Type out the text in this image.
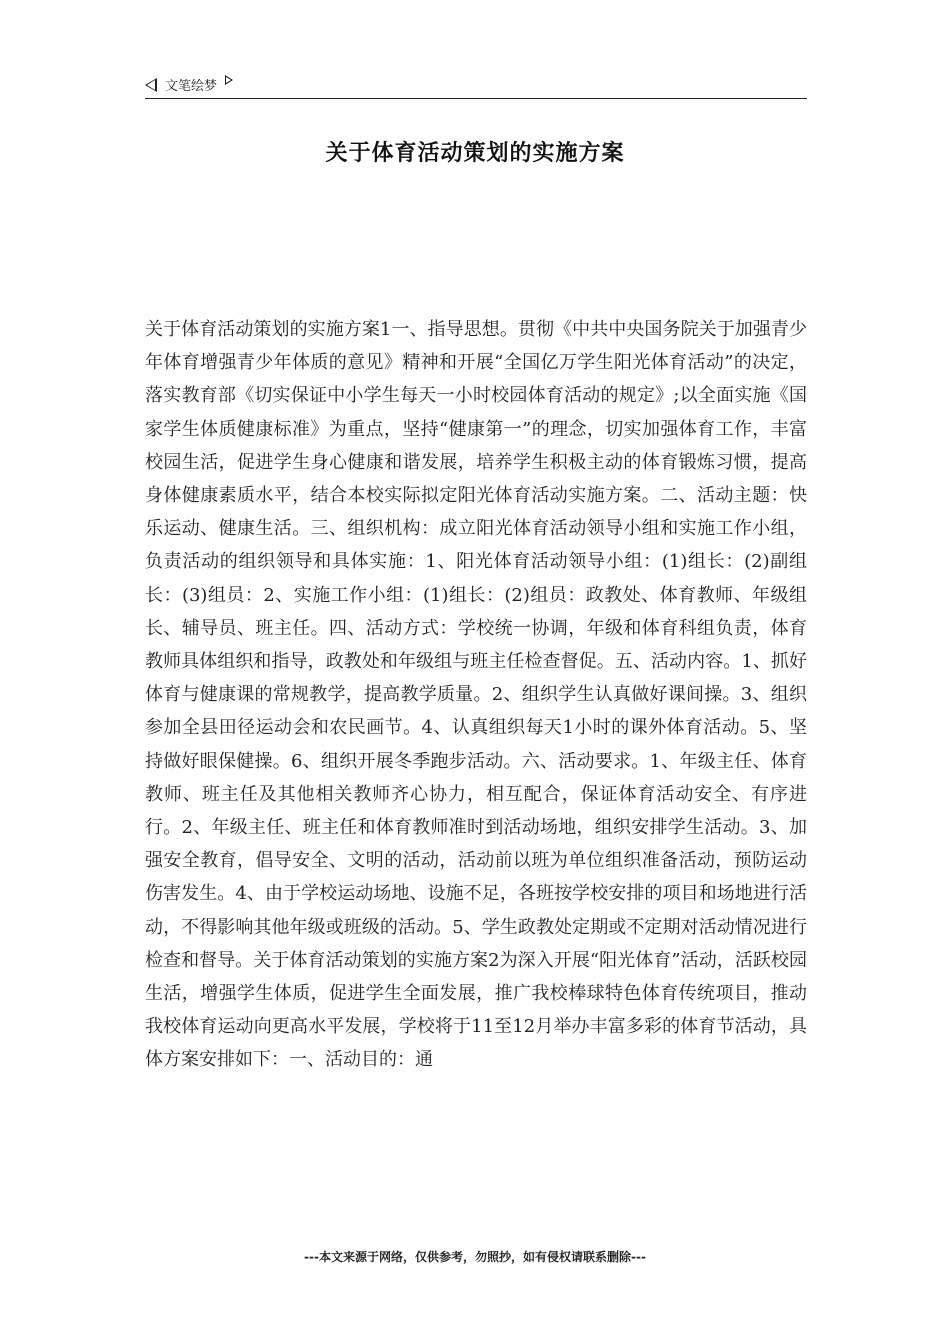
文笔绘梦
关于体育活动策划的实施方案
关于体育活动策划的实施方案1一、指导思想。贯彻《中共中央国务院关于加强青少年体育增强青少年体质的意见》精神和开展“全国亿万学生阳光体育活动”的决定，落实教育部《切实保证中小学生每天一小时校园体育活动的规定》;以全面实施《国家学生体质健康标准》为重点，坚持“健康第一”的理念，切实加强体育工作，丰富校园生活，促进学生身心健康和谐发展，培养学生积极主动的体育锻炼习惯，提高身体健康素质水平，结合本校实际拟定阳光体育活动实施方案。二、活动主题：快乐运动、健康生活。三、组织机构：成立阳光体育活动领导小组和实施工作小组，负责活动的组织领导和具体实施：1、阳光体育活动领导小组：(1)组长：(2)副组长：(3)组员：2、实施工作小组：(1)组长：(2)组员：政教处、体育教师、年级组长、辅导员、班主任。四、活动方式：学校统一协调，年级和体育科组负责，体育教师具体组织和指导，政教处和年级组与班主任检查督促。五、活动内容。1、抓好体育与健康课的常规教学，提高教学质量。2、组织学生认真做好课间操。3、组织参加全县田径运动会和农民画节。4、认真组织每天1小时的课外体育活动。5、坚持做好眼保健操。6、组织开展冬季跑步活动。六、活动要求。1、年级主任、体育教师、班主任及其他相关教师齐心协力，相互配合，保证体育活动安全、有序进行。2、年级主任、班主任和体育教师准时到活动场地，组织安排学生活动。3、加强安全教育，倡导安全、文明的活动，活动前以班为单位组织准备活动，预防运动伤害发生。4、由于学校运动场地、设施不足，各班按学校安排的项目和场地进行活动，不得影响其他年级或班级的活动。5、学生政教处定期或不定期对活动情况进行检查和督导。关于体育活动策划的实施方案2为深入开展“阳光体育”活动，活跃校园生活，增强学生体质，促进学生全面发展，推广我校棒球特色体育传统项目，推动我校体育运动向更高水平发展，学校将于11至12月举办丰富多彩的体育节活动，具体方案安排如下：一、活动目的：通
---本文来源于网络，仅供参考，勿照抄，如有侵权请联系删除---
